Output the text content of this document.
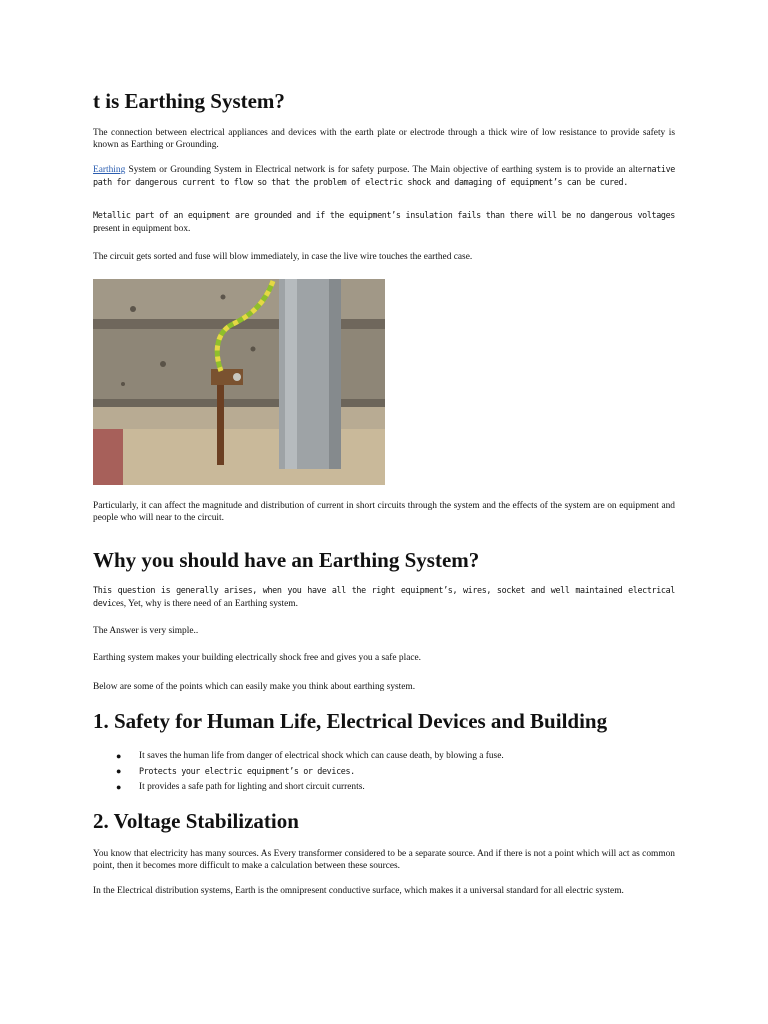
t is Earthing System?

The connection between electrical appliances and devices with the earth plate or electrode through a thick wire of low resistance to provide safety is known as Earthing or Grounding.

Earthing System or Grounding System in Electrical network is for safety purpose. The Main objective of earthing system is to provide an alternative path for dangerous current to flow so that the problem of electric shock and damaging of equipment’s can be cured.

Metallic part of an equipment are grounded and if the equipment’s insulation fails than there will be no dangerous voltages present in equipment box.

The circuit gets sorted and fuse will blow immediately, in case the live wire touches the earthed case.

Particularly, it can affect the magnitude and distribution of current in short circuits through the system and the effects of the system are on equipment and people who will near to the circuit.

Why you should have an Earthing System?

This question is generally arises, when you have all the right equipment’s, wires, socket and well maintained electrical devices, Yet, why is there need of an Earthing system.

The Answer is very simple..

Earthing system makes your building electrically shock free and gives you a safe place.

Below are some of the points which can easily make you think about earthing system.

1. Safety for Human Life, Electrical Devices and Building
● It saves the human life from danger of electrical shock which can cause death, by blowing a fuse.
● Protects your electric equipment’s or devices.
● It provides a safe path for lighting and short circuit currents.
2. Voltage Stabilization

You know that electricity has many sources. As Every transformer considered to be a separate source. And if there is not a point which will act as common point, then it becomes more difficult to make a calculation between these sources.

In the Electrical distribution systems, Earth is the omnipresent conductive surface, which makes it a universal standard for all electric system.
